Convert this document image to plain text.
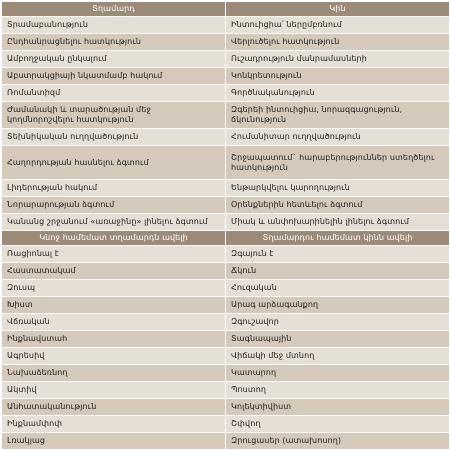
Տղամարդ	Կին
Տրամաբանություն	Ինտուիցիա՝ ներըմբռնում
Ընդհանրացնելու հատկություն	Վերլուծելու հատկություն
Ամբողջական ընկալում	Ուշադրություն մանրամասների
Աբստրակցիայի նկատմամբ հակում	Կոնկրետություն
Ռոմանտիզմ	Գործնականություն
Ժամանակի և տարածության մեջ կողմնորոշվելու հատկություն	Զգերեի ինտուիցիա, նորազգացություն, ճկունություն
Տեխնիկական ուղղվածություն	Հումանիտար ուղղվածություն
Հաղորդության հասնելու ձգտում	Շրջապատում` հարաբերություններ ստեղծելու հատկություն
Լիդերության հակում	Ենթարկվելու կարողություն
Նորարարության ձգտում	Օրենքներին հետևելու ձգտում
Կանանց շրջանում «առաջինը» լինելու ձգտում	Միակ և անփոխարինելին լինելու ձգտում
Կնոջ համեմատ տղամարդն ավելի	Տղամարդու համեմատ կինն ավելի
Ռացիոնալ է	Զգայուն է
Հաստատակամ	Ճկուն
Զուսպ	Հուզական
Խիստ	Արագ արձագանքող
Վճռական	Զգուշավոր
Ինքնավստահ	Տագնապային
Ագրեսիվ	Վիճակի մեջ մտնող
Նախաձեռնող	Կատարող
Ակտիվ	Պոստող
Անհատականություն	Կոլեկտիվիստ
Ինքնամփոփ	Շփվող
Լռակյաց	Զրուցասեր (ատախոսող)
